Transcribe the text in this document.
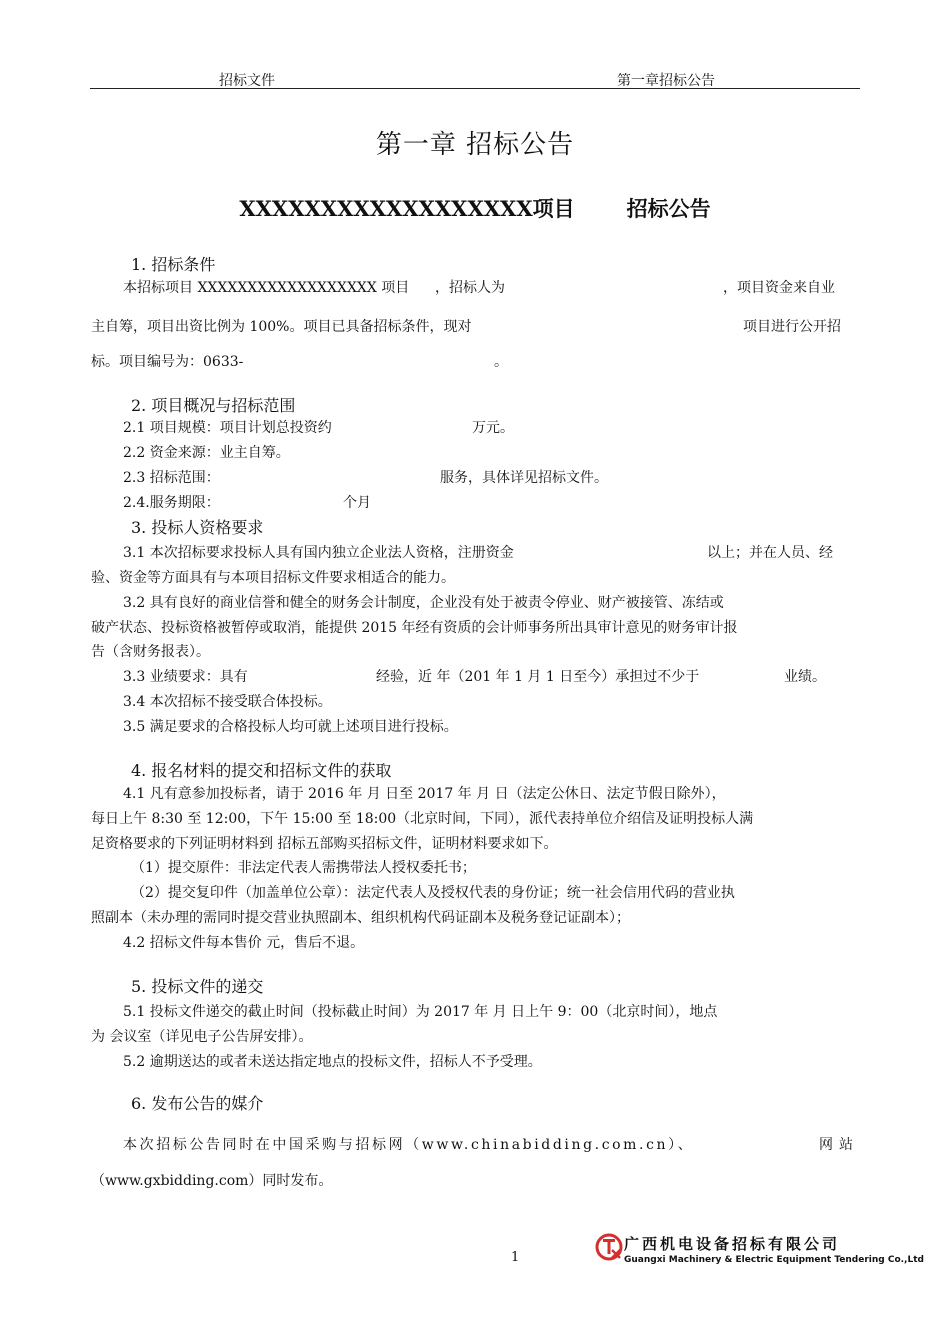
招标文件	第一章招标公告
第一章 招标公告
XXXXXXXXXXXXXXXXXX项目 招标公告
1. 招标条件
本招标项目 XXXXXXXXXXXXXXXXXX 项目 ，招标人为	，项目资金来自业
主自筹，项目出资比例为 100%。项目已具备招标条件，现对	项目进行公开招
标。项目编号为：0633-	。
2. 项目概况与招标范围
2.1 项目规模：项目计划总投资约	万元。
2.2 资金来源：业主自筹。
2.3 招标范围：	服务，具体详见招标文件。
2.4.服务期限：	个月
3. 投标人资格要求
3.1 本次招标要求投标人具有国内独立企业法人资格，注册资金	以上；并在人员、经
验、资金等方面具有与本项目招标文件要求相适合的能力。
3.2 具有良好的商业信誉和健全的财务会计制度，企业没有处于被责令停业、财产被接管、冻结或
破产状态、投标资格被暂停或取消，能提供 2015 年经有资质的会计师事务所出具审计意见的财务审计报
告（含财务报表）。
3.3 业绩要求：具有	经验，近 年（201 年 1 月 1 日至今）承担过不少于	业绩。
3.4 本次招标不接受联合体投标。
3.5 满足要求的合格投标人均可就上述项目进行投标。
4. 报名材料的提交和招标文件的获取
4.1 凡有意参加投标者，请于 2016 年 月 日至 2017 年 月 日（法定公休日、法定节假日除外），
每日上午 8:30 至 12:00，下午 15:00 至 18:00（北京时间，下同），派代表持单位介绍信及证明投标人满
足资格要求的下列证明材料到 招标五部购买招标文件，证明材料要求如下。
（1）提交原件：非法定代表人需携带法人授权委托书；
（2）提交复印件（加盖单位公章）：法定代表人及授权代表的身份证；统一社会信用代码的营业执
照副本（未办理的需同时提交营业执照副本、组织机构代码证副本及税务登记证副本）；
4.2 招标文件每本售价 元，售后不退。
5. 投标文件的递交
5.1 投标文件递交的截止时间（投标截止时间）为 2017 年 月 日上午 9：00（北京时间），地点
为 会议室（详见电子公告屏安排）。
5.2 逾期送达的或者未送达指定地点的投标文件，招标人不予受理。
6. 发布公告的媒介
本次招标公告同时在中国采购与招标网（www.chinabidding.com.cn）、	网站
（www.gxbidding.com）同时发布。
1
广西机电设备招标有限公司
Guangxi Machinery & Electric Equipment Tendering Co.,Ltd
